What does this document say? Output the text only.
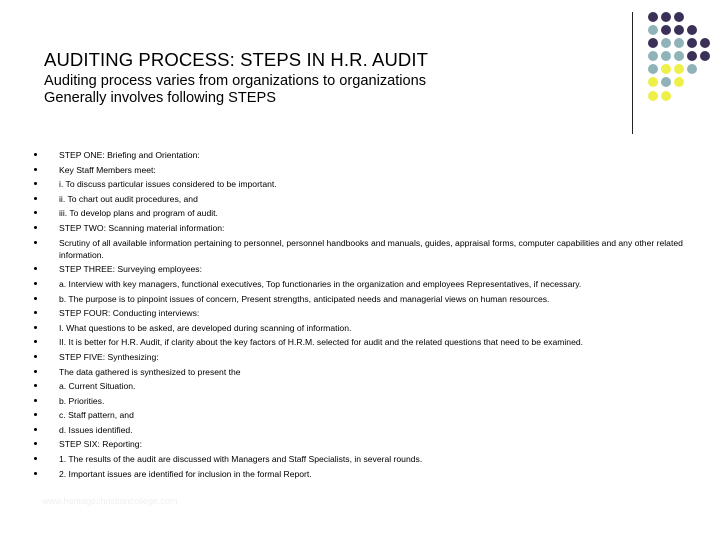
AUDITING PROCESS: STEPS IN H.R. AUDIT

Auditing process varies from organizations to organizations

Generally involves following STEPS

STEP ONE: Briefing and Orientation:
Key Staff Members meet:
i. To discuss particular issues considered to be important.
ii. To chart out audit procedures, and
iii. To develop plans and program of audit.
STEP TWO: Scanning material information:
Scrutiny of all available information pertaining to personnel, personnel handbooks and manuals, guides, appraisal forms, computer capabilities and any other related information.
STEP THREE: Surveying employees:
a. Interview with key managers, functional executives, Top functionaries in the organization and employees Representatives, if necessary.
b. The purpose is to pinpoint issues of concern, Present strengths, anticipated needs and managerial views on human resources.
STEP FOUR: Conducting interviews:
I. What questions to be asked, are developed during scanning of information.
II. It is better for H.R. Audit, if clarity about the key factors of H.R.M. selected for audit and the related questions that need to be examined.
STEP FIVE: Synthesizing:
The data gathered is synthesized to present the
a. Current Situation.
b. Priorities.
c. Staff pattern, and
d. Issues identified.
STEP SIX: Reporting:
1. The results of the audit are discussed with Managers and Staff Specialists, in several rounds.
2. Important issues are identified for inclusion in the formal Report.
www.heritagechristiancollege.com
